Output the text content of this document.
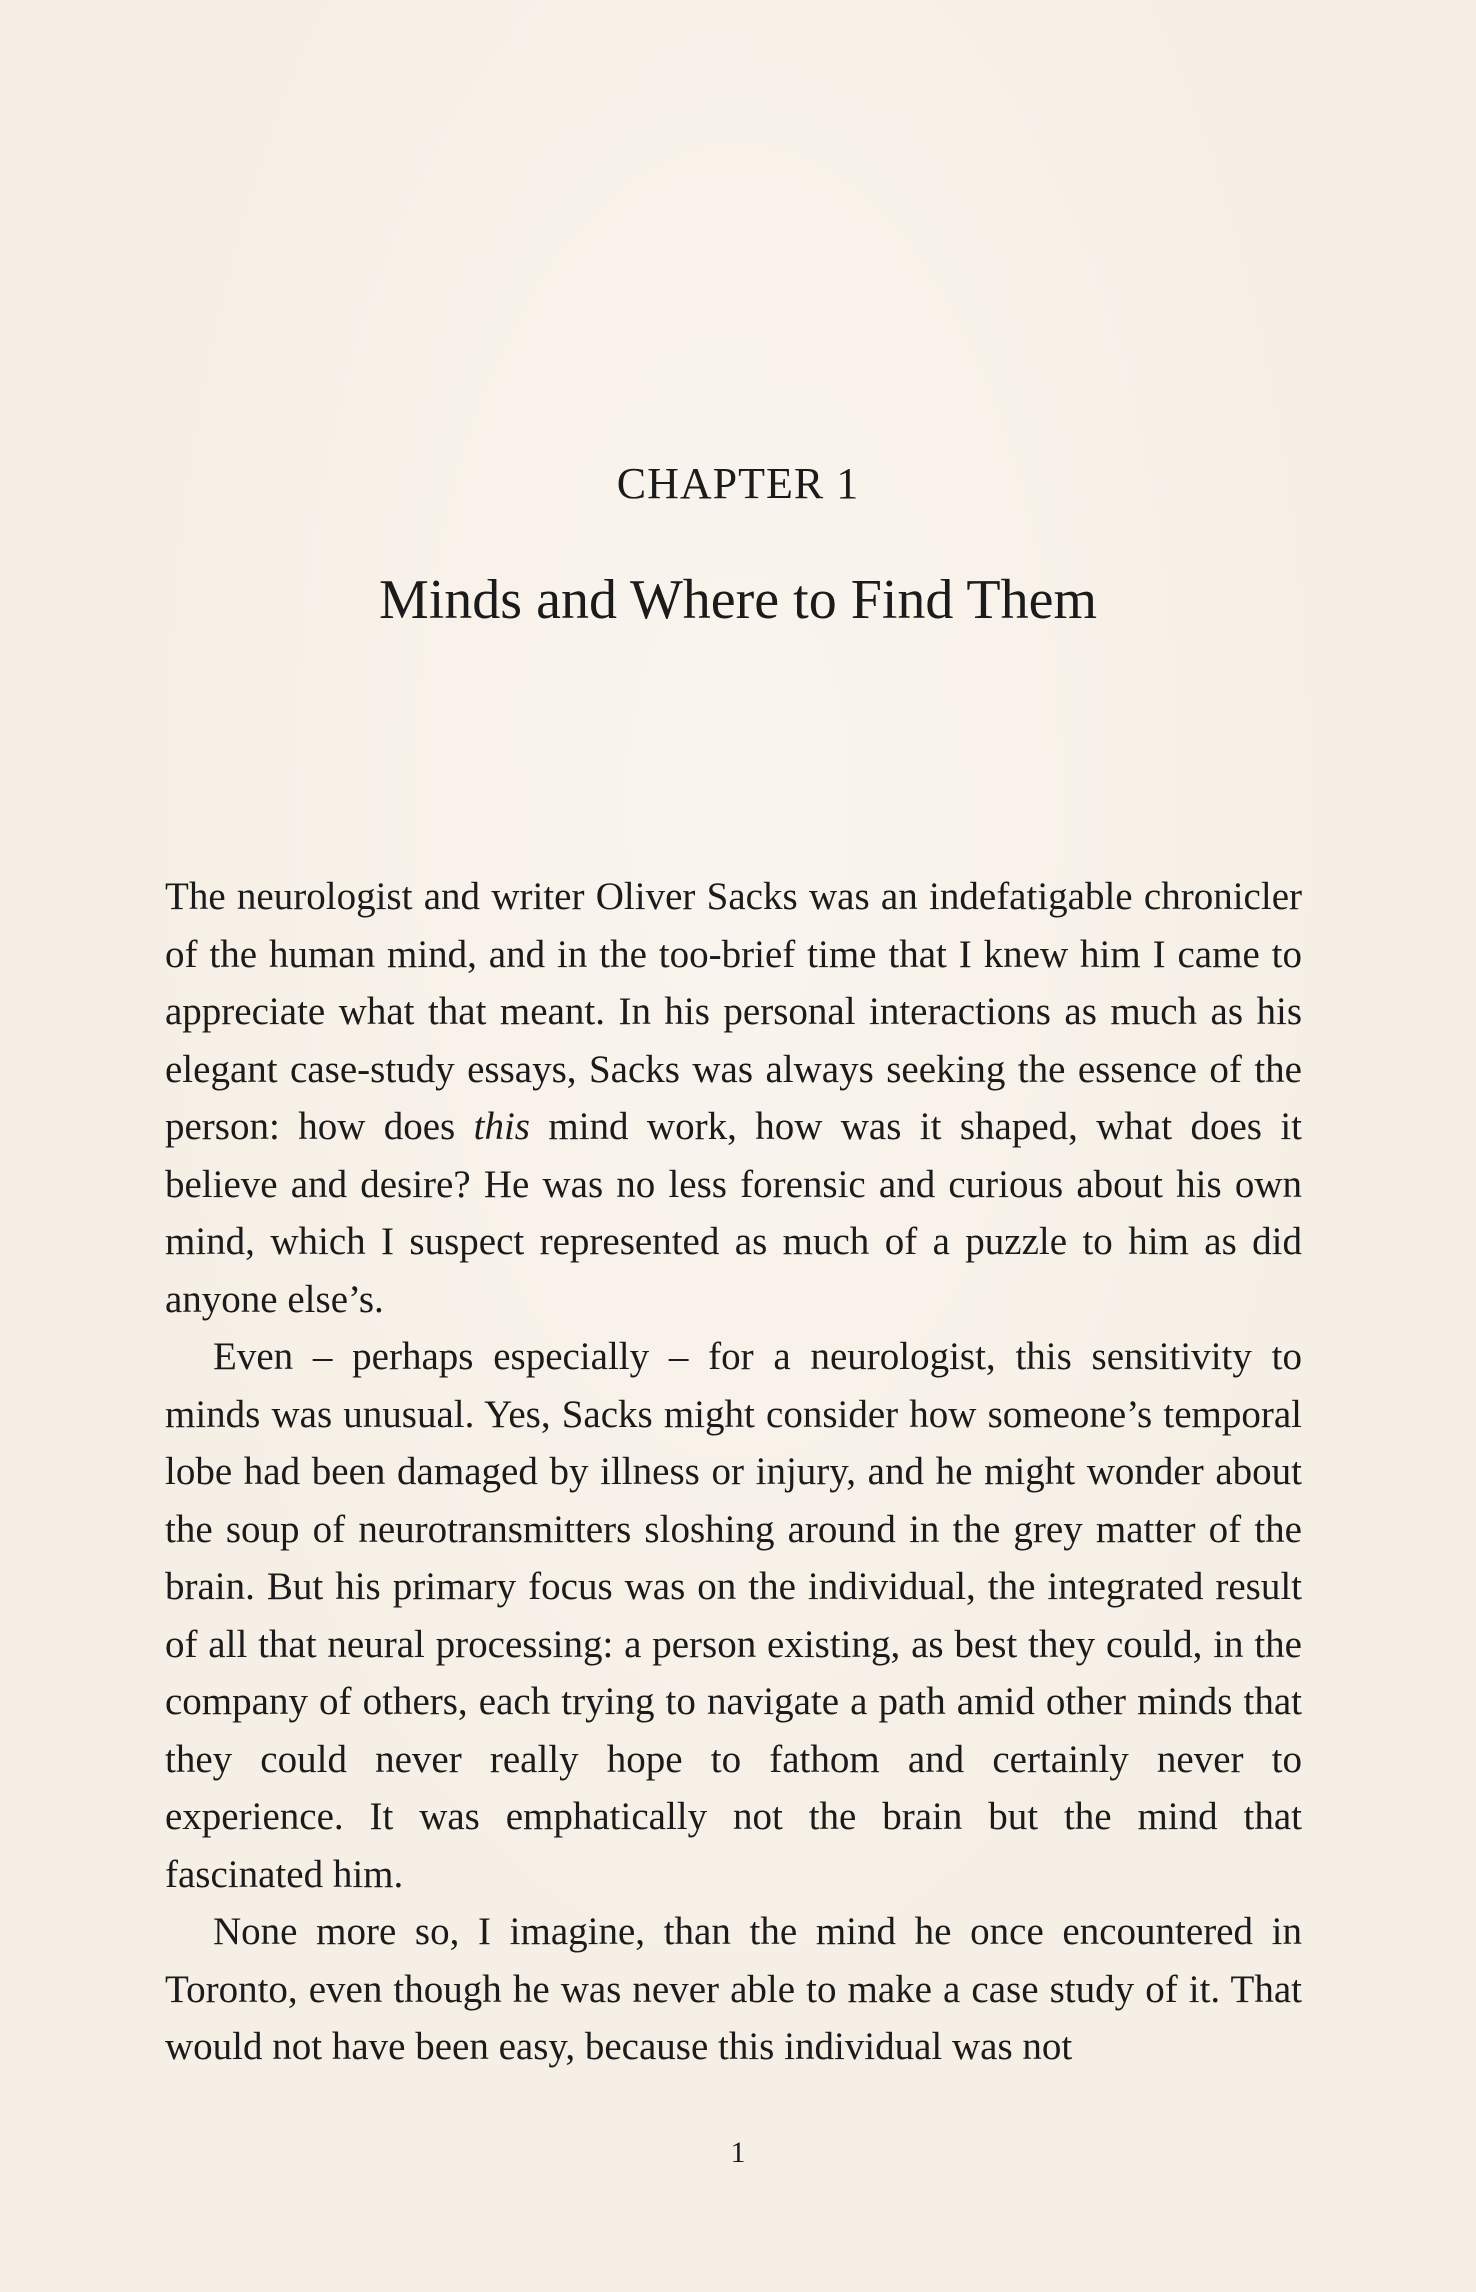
CHAPTER 1
Minds and Where to Find Them

The neurologist and writer Oliver Sacks was an indefatigable chronicler of the human mind, and in the too-brief time that I knew him I came to appreciate what that meant. In his personal interactions as much as his elegant case-study essays, Sacks was always seeking the essence of the person: how does this mind work, how was it shaped, what does it believe and desire? He was no less forensic and curious about his own mind, which I suspect represented as much of a puzzle to him as did anyone else’s.

Even – perhaps especially – for a neurologist, this sensitivity to minds was unusual. Yes, Sacks might consider how someone’s temporal lobe had been damaged by illness or injury, and he might wonder about the soup of neurotransmitters sloshing around in the grey matter of the brain. But his primary focus was on the individual, the integrated result of all that neural processing: a person existing, as best they could, in the company of others, each trying to navigate a path amid other minds that they could never really hope to fathom and certainly never to experience. It was emphatically not the brain but the mind that fascinated him.

None more so, I imagine, than the mind he once encountered in Toronto, even though he was never able to make a case study of it. That would not have been easy, because this individual was not

1
